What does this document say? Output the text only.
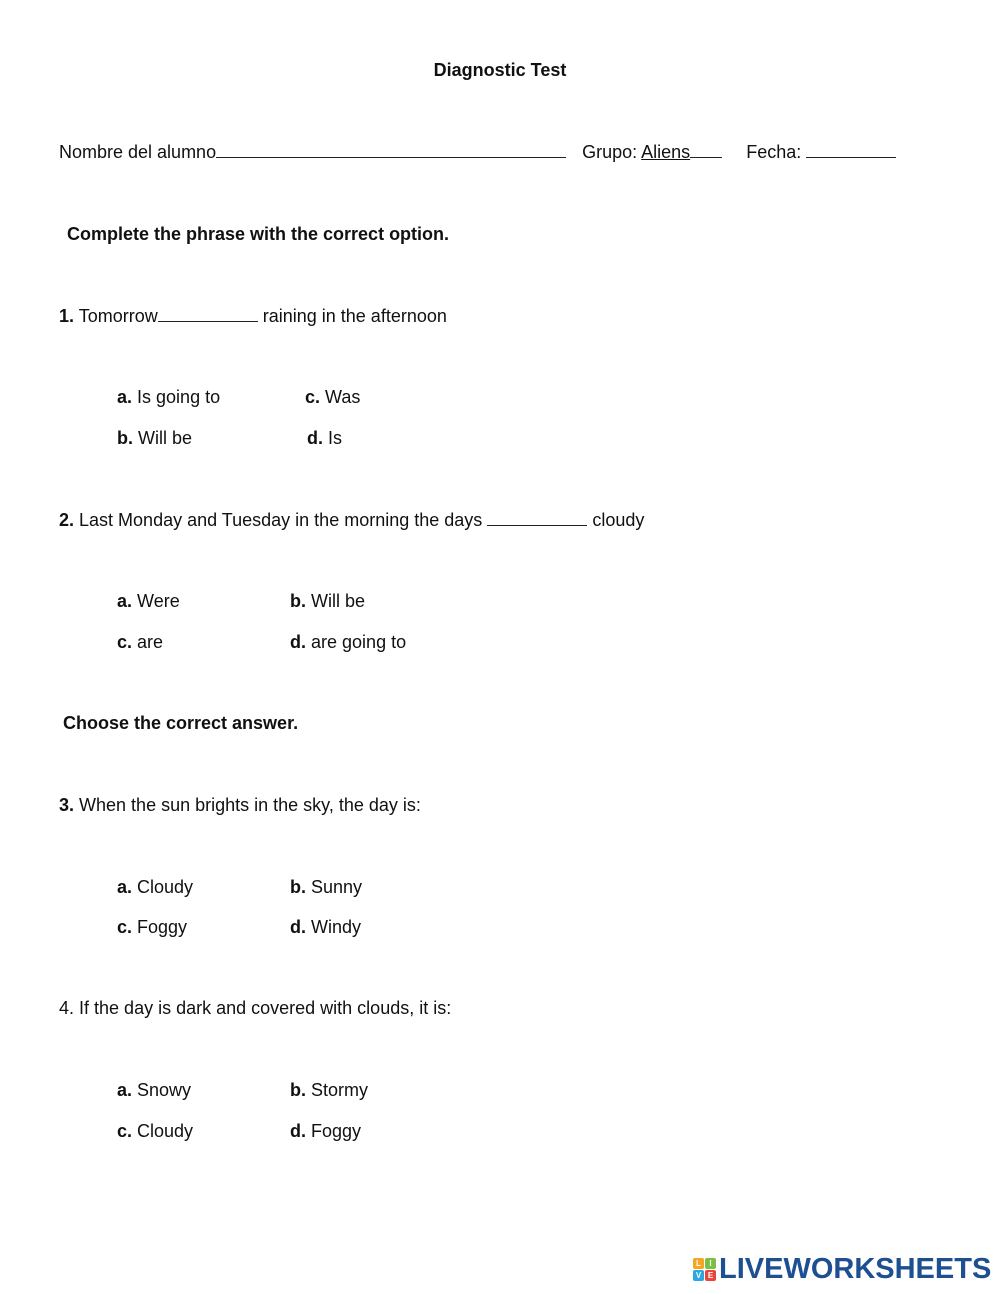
Diagnostic Test
Nombre del alumno	Grupo: Aliens	Fecha:
Complete the phrase with the correct option.
1. Tomorrow	raining in the afternoon
a. Is going to	c. Was
b. Will be	d. Is
2. Last Monday and Tuesday in the morning the days	cloudy
a. Were	b. Will be
c. are	d. are going to
Choose the correct answer.
3. When the sun brights in the sky, the day is:
a. Cloudy	b. Sunny
c. Foggy	d. Windy
4. If the day is dark and covered with clouds, it is:
a. Snowy	b. Stormy
c. Cloudy	d. Foggy
L	I
V E LIVEWORKSHEETS
